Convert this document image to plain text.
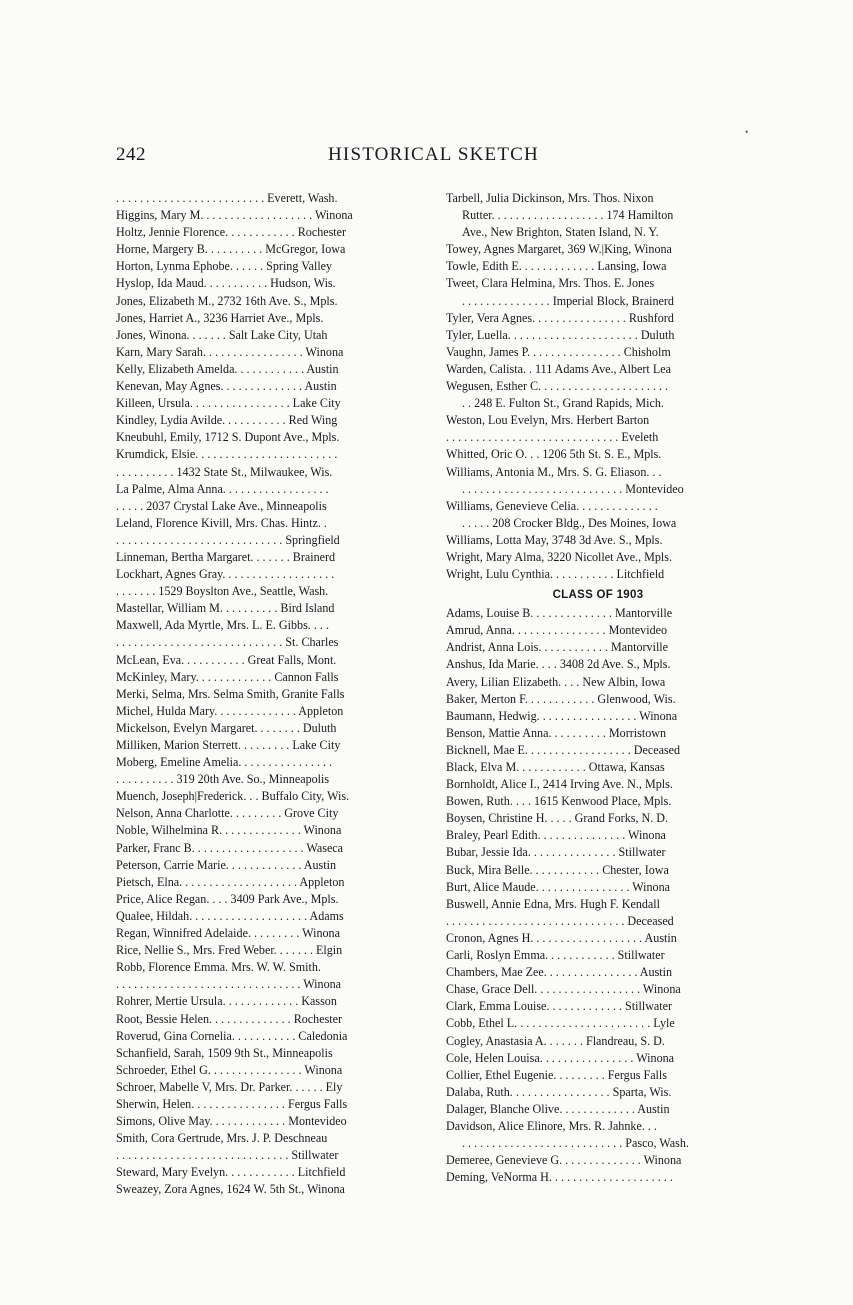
•
242	HISTORICAL SKETCH
. . . . . . . . . . . . . . . . . . . . . . . . . Everett, Wash.
Higgins, Mary M. . . . . . . . . . . . . . . . . . . Winona
Holtz, Jennie Florence. . . . . . . . . . . . Rochester
Horne, Margery B. . . . . . . . . . McGregor, Iowa
Horton, Lynma Ephobe. . . . . . Spring Valley
Hyslop, Ida Maud. . . . . . . . . . . Hudson, Wis.
Jones, Elizabeth M., 2732 16th Ave. S., Mpls.
Jones, Harriet A., 3236 Harriet Ave., Mpls.
Jones, Winona. . . . . . . Salt Lake City, Utah
Karn, Mary Sarah. . . . . . . . . . . . . . . . . Winona
Kelly, Elizabeth Amelda. . . . . . . . . . . . Austin
Kenevan, May Agnes. . . . . . . . . . . . . . Austin
Killeen, Ursula. . . . . . . . . . . . . . . . . Lake City
Kindley, Lydia Avilde. . . . . . . . . . . Red Wing
Kneubuhl, Emily, 1712 S. Dupont Ave., Mpls.
Krumdick, Elsie. . . . . . . . . . . . . . . . . . . . . . . .
. . . . . . . . . . 1432 State St., Milwaukee, Wis.
La Palme, Alma Anna. . . . . . . . . . . . . . . . . .
. . . . . 2037 Crystal Lake Ave., Minneapolis
Leland, Florence Kivill, Mrs. Chas. Hintz. .
. . . . . . . . . . . . . . . . . . . . . . . . . . . . Springfield
Linneman, Bertha Margaret. . . . . . . Brainerd
Lockhart, Agnes Gray. . . . . . . . . . . . . . . . . . .
. . . . . . . 1529 Boyslton Ave., Seattle, Wash.
Mastellar, William M. . . . . . . . . . Bird Island
Maxwell, Ada Myrtle, Mrs. L. E. Gibbs. . . .
. . . . . . . . . . . . . . . . . . . . . . . . . . . . St. Charles
McLean, Eva. . . . . . . . . . . Great Falls, Mont.
McKinley, Mary. . . . . . . . . . . . . Cannon Falls
Merki, Selma, Mrs. Selma Smith, Granite Falls
Michel, Hulda Mary. . . . . . . . . . . . . . Appleton
Mickelson, Evelyn Margaret. . . . . . . . Duluth
Milliken, Marion Sterrett. . . . . . . . . Lake City
Moberg, Emeline Amelia. . . . . . . . . . . . . . . .
. . . . . . . . . . 319 20th Ave. So., Minneapolis
Muench, Joseph|Frederick. . . Buffalo City, Wis.
Nelson, Anna Charlotte. . . . . . . . . Grove City
Noble, Wilhelmina R. . . . . . . . . . . . . . Winona
Parker, Franc B. . . . . . . . . . . . . . . . . . . Waseca
Peterson, Carrie Marie. . . . . . . . . . . . . Austin
Pietsch, Elna. . . . . . . . . . . . . . . . . . . . Appleton
Price, Alice Regan. . . . 3409 Park Ave., Mpls.
Qualee, Hildah. . . . . . . . . . . . . . . . . . . . Adams
Regan, Winnifred Adelaide. . . . . . . . . Winona
Rice, Nellie S., Mrs. Fred Weber. . . . . . . Elgin
Robb, Florence Emma. Mrs. W. W. Smith.
. . . . . . . . . . . . . . . . . . . . . . . . . . . . . . . Winona
Rohrer, Mertie Ursula. . . . . . . . . . . . . Kasson
Root, Bessie Helen. . . . . . . . . . . . . . Rochester
Roverud, Gina Cornelia. . . . . . . . . . . Caledonia
Schanfield, Sarah, 1509 9th St., Minneapolis
Schroeder, Ethel G. . . . . . . . . . . . . . . . Winona
Schroer, Mabelle V, Mrs. Dr. Parker. . . . . . Ely
Sherwin, Helen. . . . . . . . . . . . . . . . Fergus Falls
Simons, Olive May. . . . . . . . . . . . . Montevideo
Smith, Cora Gertrude, Mrs. J. P. Deschneau
. . . . . . . . . . . . . . . . . . . . . . . . . . . . . Stillwater
Steward, Mary Evelyn. . . . . . . . . . . . Litchfield
Sweazey, Zora Agnes, 1624 W. 5th St., Winona
Tarbell, Julia Dickinson, Mrs. Thos. Nixon
Rutter. . . . . . . . . . . . . . . . . . . 174 Hamilton
Ave., New Brighton, Staten Island, N. Y.
Towey, Agnes Margaret, 369 W.|King, Winona
Towle, Edith E. . . . . . . . . . . . . Lansing, Iowa
Tweet, Clara Helmina, Mrs. Thos. E. Jones
. . . . . . . . . . . . . . . Imperial Block, Brainerd
Tyler, Vera Agnes. . . . . . . . . . . . . . . . Rushford
Tyler, Luella. . . . . . . . . . . . . . . . . . . . . . Duluth
Vaughn, James P. . . . . . . . . . . . . . . . Chisholm
Warden, Calista. . 111 Adams Ave., Albert Lea
Wegusen, Esther C. . . . . . . . . . . . . . . . . . . . . .
. . 248 E. Fulton St., Grand Rapids, Mich.
Weston, Lou Evelyn, Mrs. Herbert Barton
. . . . . . . . . . . . . . . . . . . . . . . . . . . . . Eveleth
Whitted, Oric O. . . 1206 5th St. S. E., Mpls.
Williams, Antonia M., Mrs. S. G. Eliason. . .
. . . . . . . . . . . . . . . . . . . . . . . . . . . Montevideo
Williams, Genevieve Celia. . . . . . . . . . . . . .
. . . . . 208 Crocker Bldg., Des Moines, Iowa
Williams, Lotta May, 3748 3d Ave. S., Mpls.
Wright, Mary Alma, 3220 Nicollet Ave., Mpls.
Wright, Lulu Cynthia. . . . . . . . . . . Litchfield
CLASS OF 1903
Adams, Louise B. . . . . . . . . . . . . . Mantorville
Amrud, Anna. . . . . . . . . . . . . . . . Montevideo
Andrist, Anna Lois. . . . . . . . . . . . Mantorville
Anshus, Ida Marie. . . . 3408 2d Ave. S., Mpls.
Avery, Lilian Elizabeth. . . . New Albin, Iowa
Baker, Merton F. . . . . . . . . . . . Glenwood, Wis.
Baumann, Hedwig. . . . . . . . . . . . . . . . . Winona
Benson, Mattie Anna. . . . . . . . . . Morristown
Bicknell, Mae E. . . . . . . . . . . . . . . . . . Deceased
Black, Elva M. . . . . . . . . . . . Ottawa, Kansas
Bornholdt, Alice I., 2414 Irving Ave. N., Mpls.
Bowen, Ruth. . . . 1615 Kenwood Place, Mpls.
Boysen, Christine H. . . . . Grand Forks, N. D.
Braley, Pearl Edith. . . . . . . . . . . . . . . Winona
Bubar, Jessie Ida. . . . . . . . . . . . . . . Stillwater
Buck, Mira Belle. . . . . . . . . . . . Chester, Iowa
Burt, Alice Maude. . . . . . . . . . . . . . . . Winona
Buswell, Annie Edna, Mrs. Hugh F. Kendall
. . . . . . . . . . . . . . . . . . . . . . . . . . . . . . Deceased
Cronon, Agnes H. . . . . . . . . . . . . . . . . . . Austin
Carli, Roslyn Emma. . . . . . . . . . . . Stillwater
Chambers, Mae Zee. . . . . . . . . . . . . . . . Austin
Chase, Grace Dell. . . . . . . . . . . . . . . . . . Winona
Clark, Emma Louise. . . . . . . . . . . . . Stillwater
Cobb, Ethel L. . . . . . . . . . . . . . . . . . . . . . . Lyle
Cogley, Anastasia A. . . . . . . Flandreau, S. D.
Cole, Helen Louisa. . . . . . . . . . . . . . . . Winona
Collier, Ethel Eugenie. . . . . . . . . Fergus Falls
Dalaba, Ruth. . . . . . . . . . . . . . . . . Sparta, Wis.
Dalager, Blanche Olive. . . . . . . . . . . . . Austin
Davidson, Alice Elinore, Mrs. R. Jahnke. . .
. . . . . . . . . . . . . . . . . . . . . . . . . . . Pasco, Wash.
Demeree, Genevieve G. . . . . . . . . . . . . . Winona
Deming, VeNorma H. . . . . . . . . . . . . . . . . . . . .
